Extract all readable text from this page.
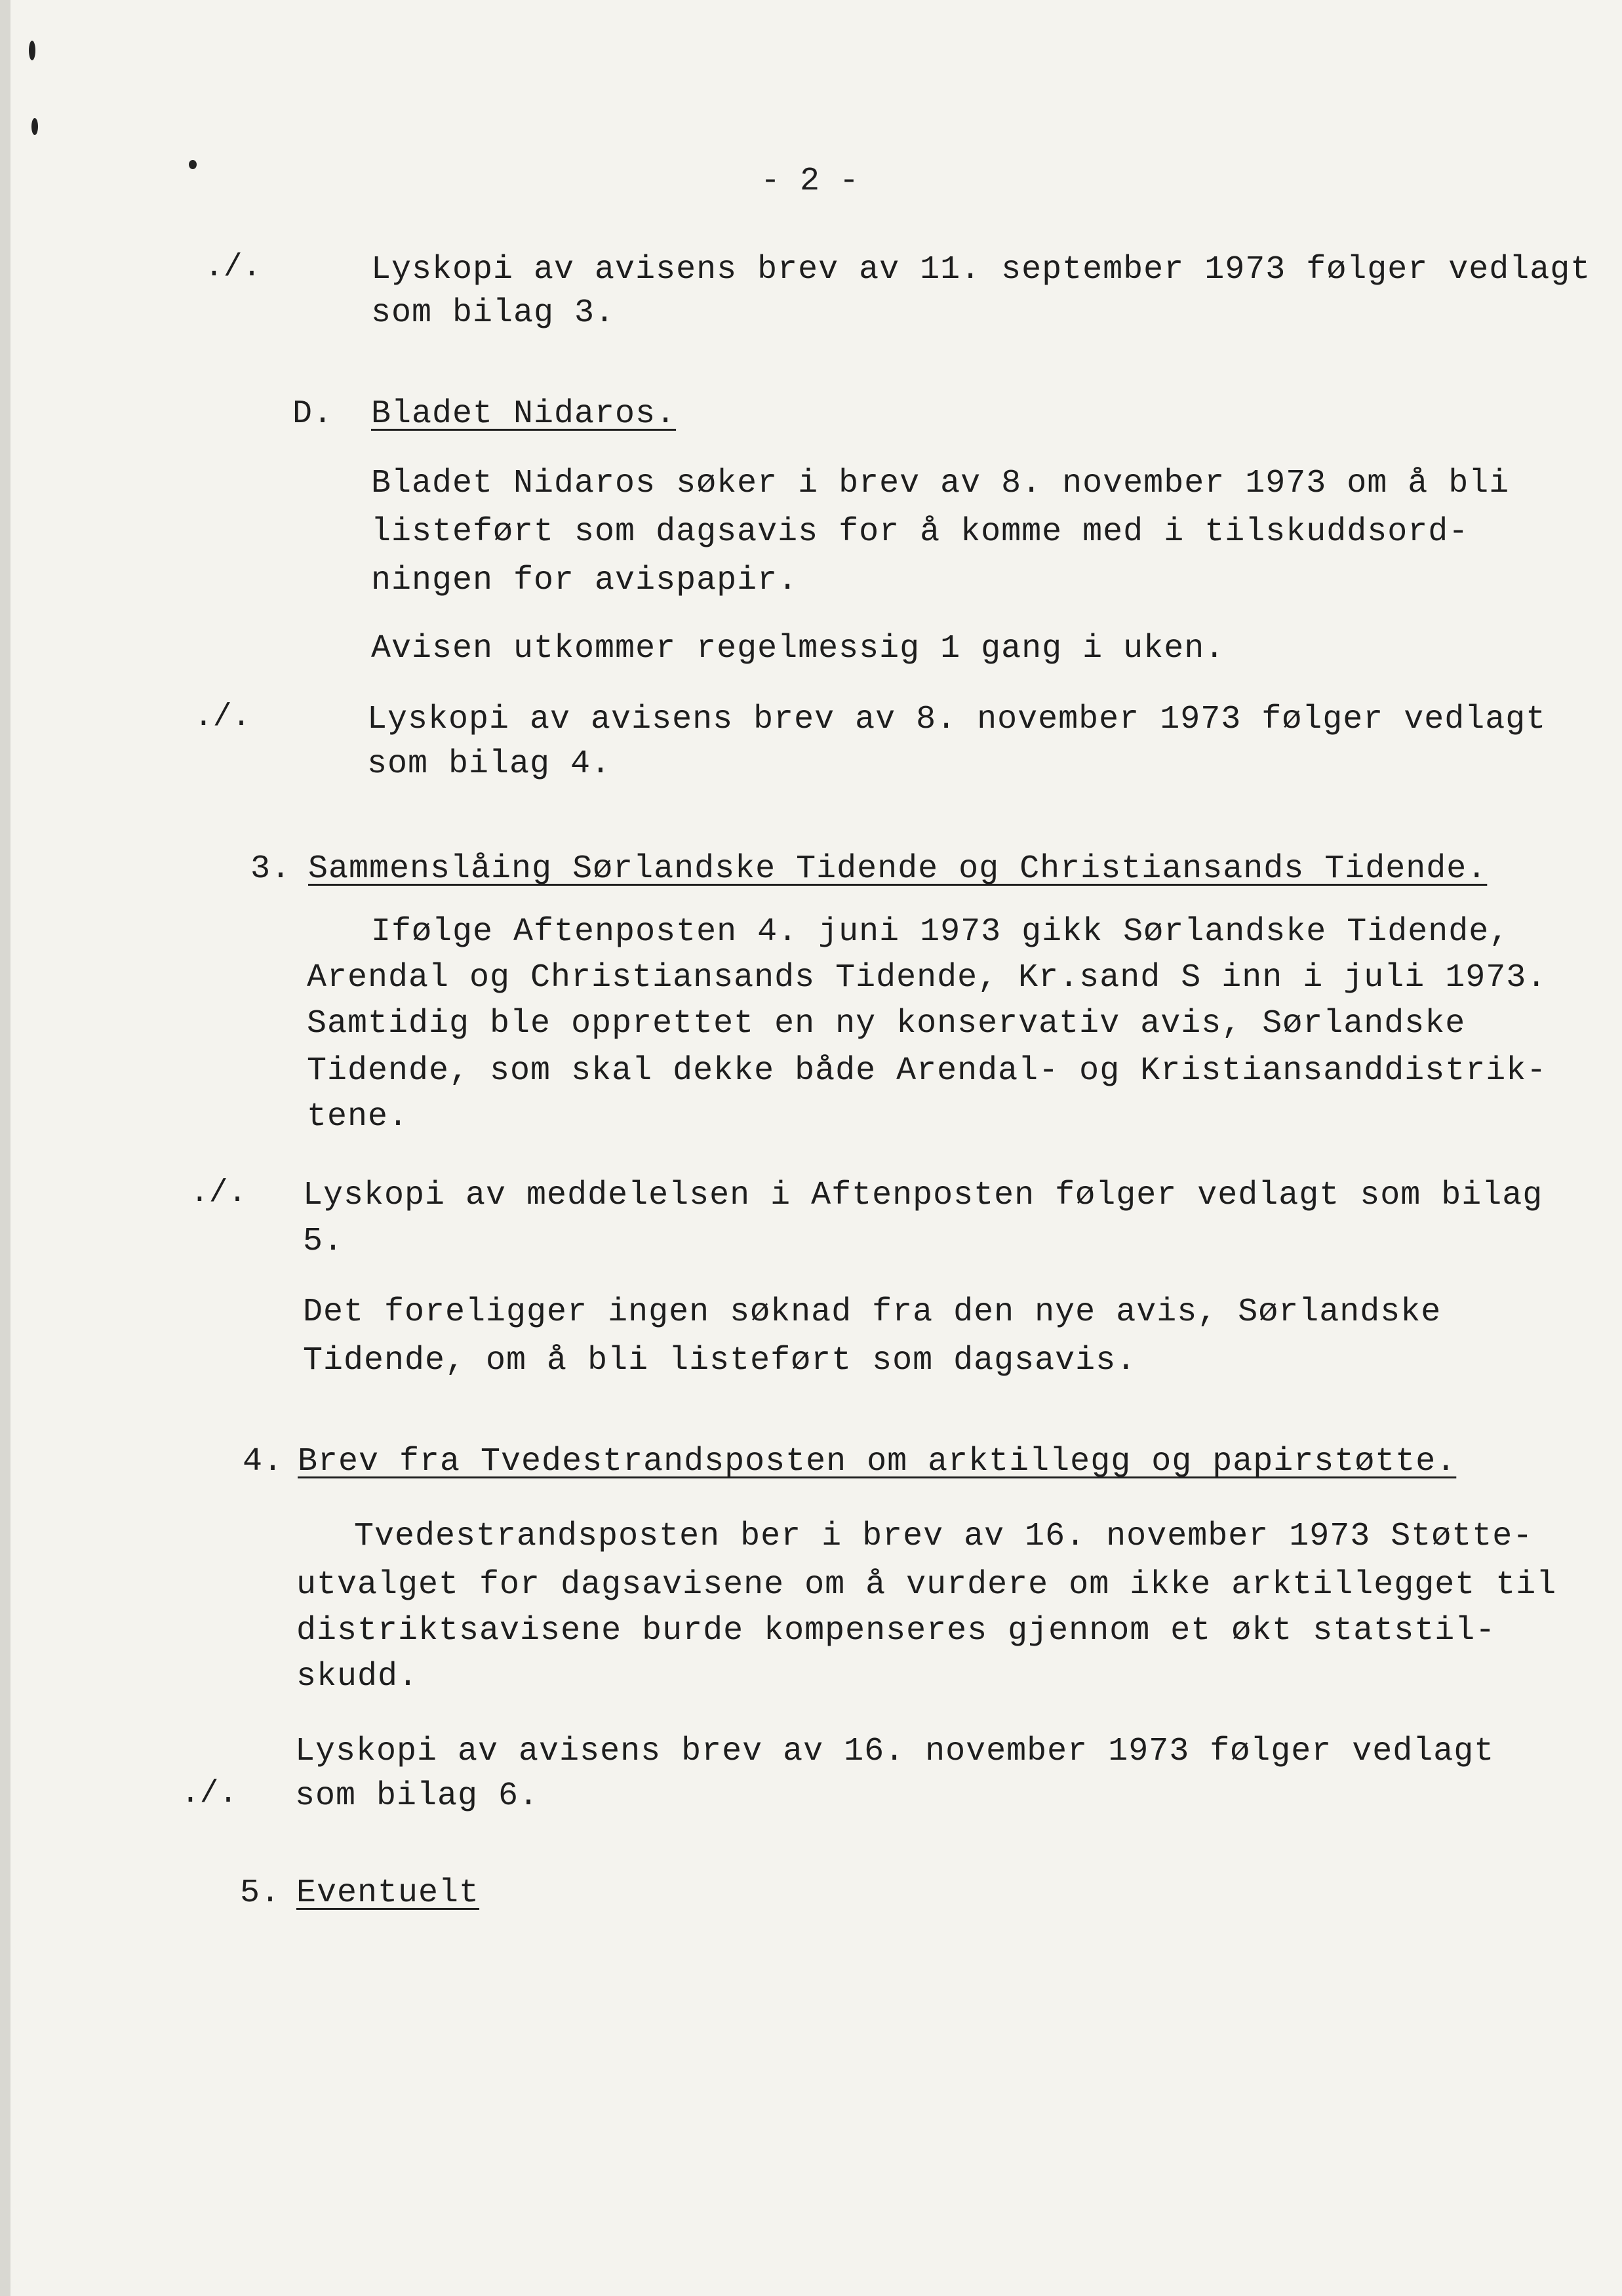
- 2 -
./.	Lyskopi av avisens brev av 11. september 1973 følger vedlagt
som bilag 3.
D. Bladet Nidaros.
Bladet Nidaros søker i brev av 8. november 1973 om å bli
listeført som dagsavis for å komme med i tilskuddsord-
ningen for avispapir.
Avisen utkommer regelmessig 1 gang i uken.
./.	Lyskopi av avisens brev av 8. november 1973 følger vedlagt
som bilag 4.
3. Sammenslåing Sørlandske Tidende og Christiansands Tidende.
Ifølge Aftenposten 4. juni 1973 gikk Sørlandske Tidende,
Arendal og Christiansands Tidende, Kr.sand S inn i juli 1973.
Samtidig ble opprettet en ny konservativ avis, Sørlandske
Tidende, som skal dekke både Arendal- og Kristiansanddistrik-
tene.
./. Lyskopi av meddelelsen i Aftenposten følger vedlagt som bilag
5.
Det foreligger ingen søknad fra den nye avis, Sørlandske
Tidende, om å bli listeført som dagsavis.
4. Brev fra Tvedestrandsposten om arktillegg og papirstøtte.
Tvedestrandsposten ber i brev av 16. november 1973 Støtte-
utvalget for dagsavisene om å vurdere om ikke arktillegget til
distriktsavisene burde kompenseres gjennom et økt statstil-
skudd.
Lyskopi av avisens brev av 16. november 1973 følger vedlagt
./. som bilag 6.
5. Eventuelt
